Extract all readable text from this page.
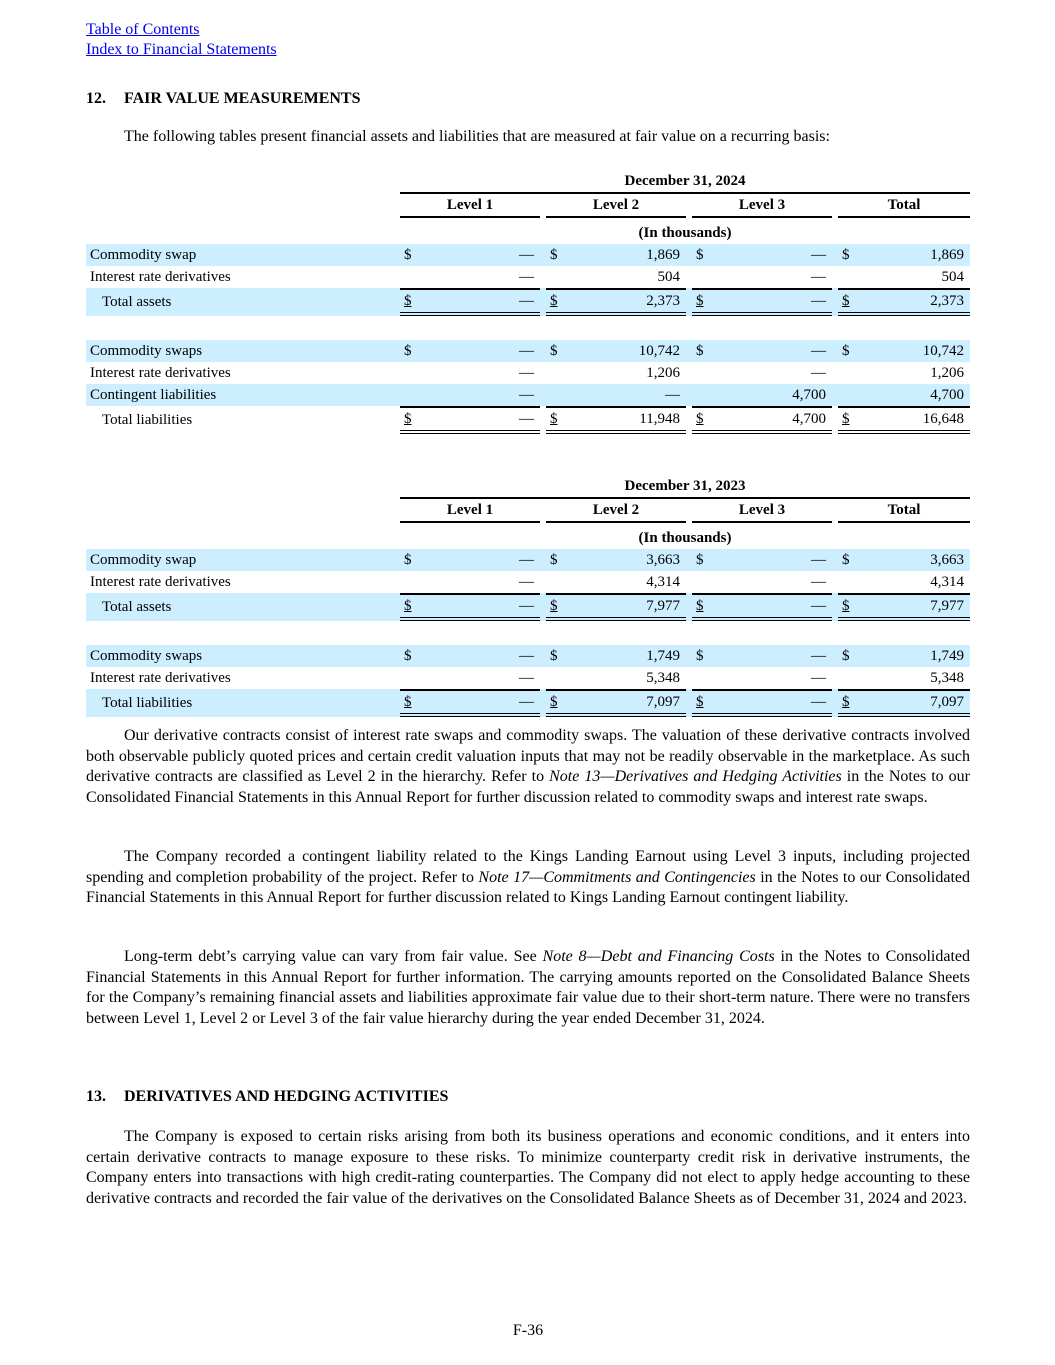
Table of Contents
Index to Financial Statements
12. FAIR VALUE MEASUREMENTS
The following tables present financial assets and liabilities that are measured at fair value on a recurring basis:
	December 31, 2024										
	Level 1			Level 2			Level 3			Total	
	(In thousands)										
Commodity swap	$	—		$	1,869		$	—		$	1,869
Interest rate derivatives		—			504			—			504
Total assets	$	—		$	2,373		$	—		$	2,373

Commodity swaps	$	—		$	10,742		$	—		$	10,742
Interest rate derivatives		—			1,206			—			1,206
Contingent liabilities		—			—			4,700			4,700
Total liabilities	$	—		$	11,948		$	4,700		$	16,648
	December 31, 2023										
	Level 1			Level 2			Level 3			Total	
	(In thousands)										
Commodity swap	$	—		$	3,663		$	—		$	3,663
Interest rate derivatives		—			4,314			—			4,314
Total assets	$	—		$	7,977		$	—		$	7,977

Commodity swaps	$	—		$	1,749		$	—		$	1,749
Interest rate derivatives		—			5,348			—			5,348
Total liabilities	$	—		$	7,097		$	—		$	7,097

Our derivative contracts consist of interest rate swaps and commodity swaps. The valuation of these derivative contracts involved both observable publicly quoted prices and certain credit valuation inputs that may not be readily observable in the marketplace. As such derivative contracts are classified as Level 2 in the hierarchy. Refer to Note 13—Derivatives and Hedging Activities in the Notes to our Consolidated Financial Statements in this Annual Report for further discussion related to commodity swaps and interest rate swaps.

The Company recorded a contingent liability related to the Kings Landing Earnout using Level 3 inputs, including projected spending and completion probability of the project. Refer to Note 17—Commitments and Contingencies in the Notes to our Consolidated Financial Statements in this Annual Report for further discussion related to Kings Landing Earnout contingent liability.

Long-term debt’s carrying value can vary from fair value. See Note 8—Debt and Financing Costs in the Notes to Consolidated Financial Statements in this Annual Report for further information. The carrying amounts reported on the Consolidated Balance Sheets for the Company’s remaining financial assets and liabilities approximate fair value due to their short-term nature. There were no transfers between Level 1, Level 2 or Level 3 of the fair value hierarchy during the year ended December 31, 2024.

13. DERIVATIVES AND HEDGING ACTIVITIES

The Company is exposed to certain risks arising from both its business operations and economic conditions, and it enters into certain derivative contracts to manage exposure to these risks. To minimize counterparty credit risk in derivative instruments, the Company enters into transactions with high credit-rating counterparties. The Company did not elect to apply hedge accounting to these derivative contracts and recorded the fair value of the derivatives on the Consolidated Balance Sheets as of December 31, 2024 and 2023.

F-36
